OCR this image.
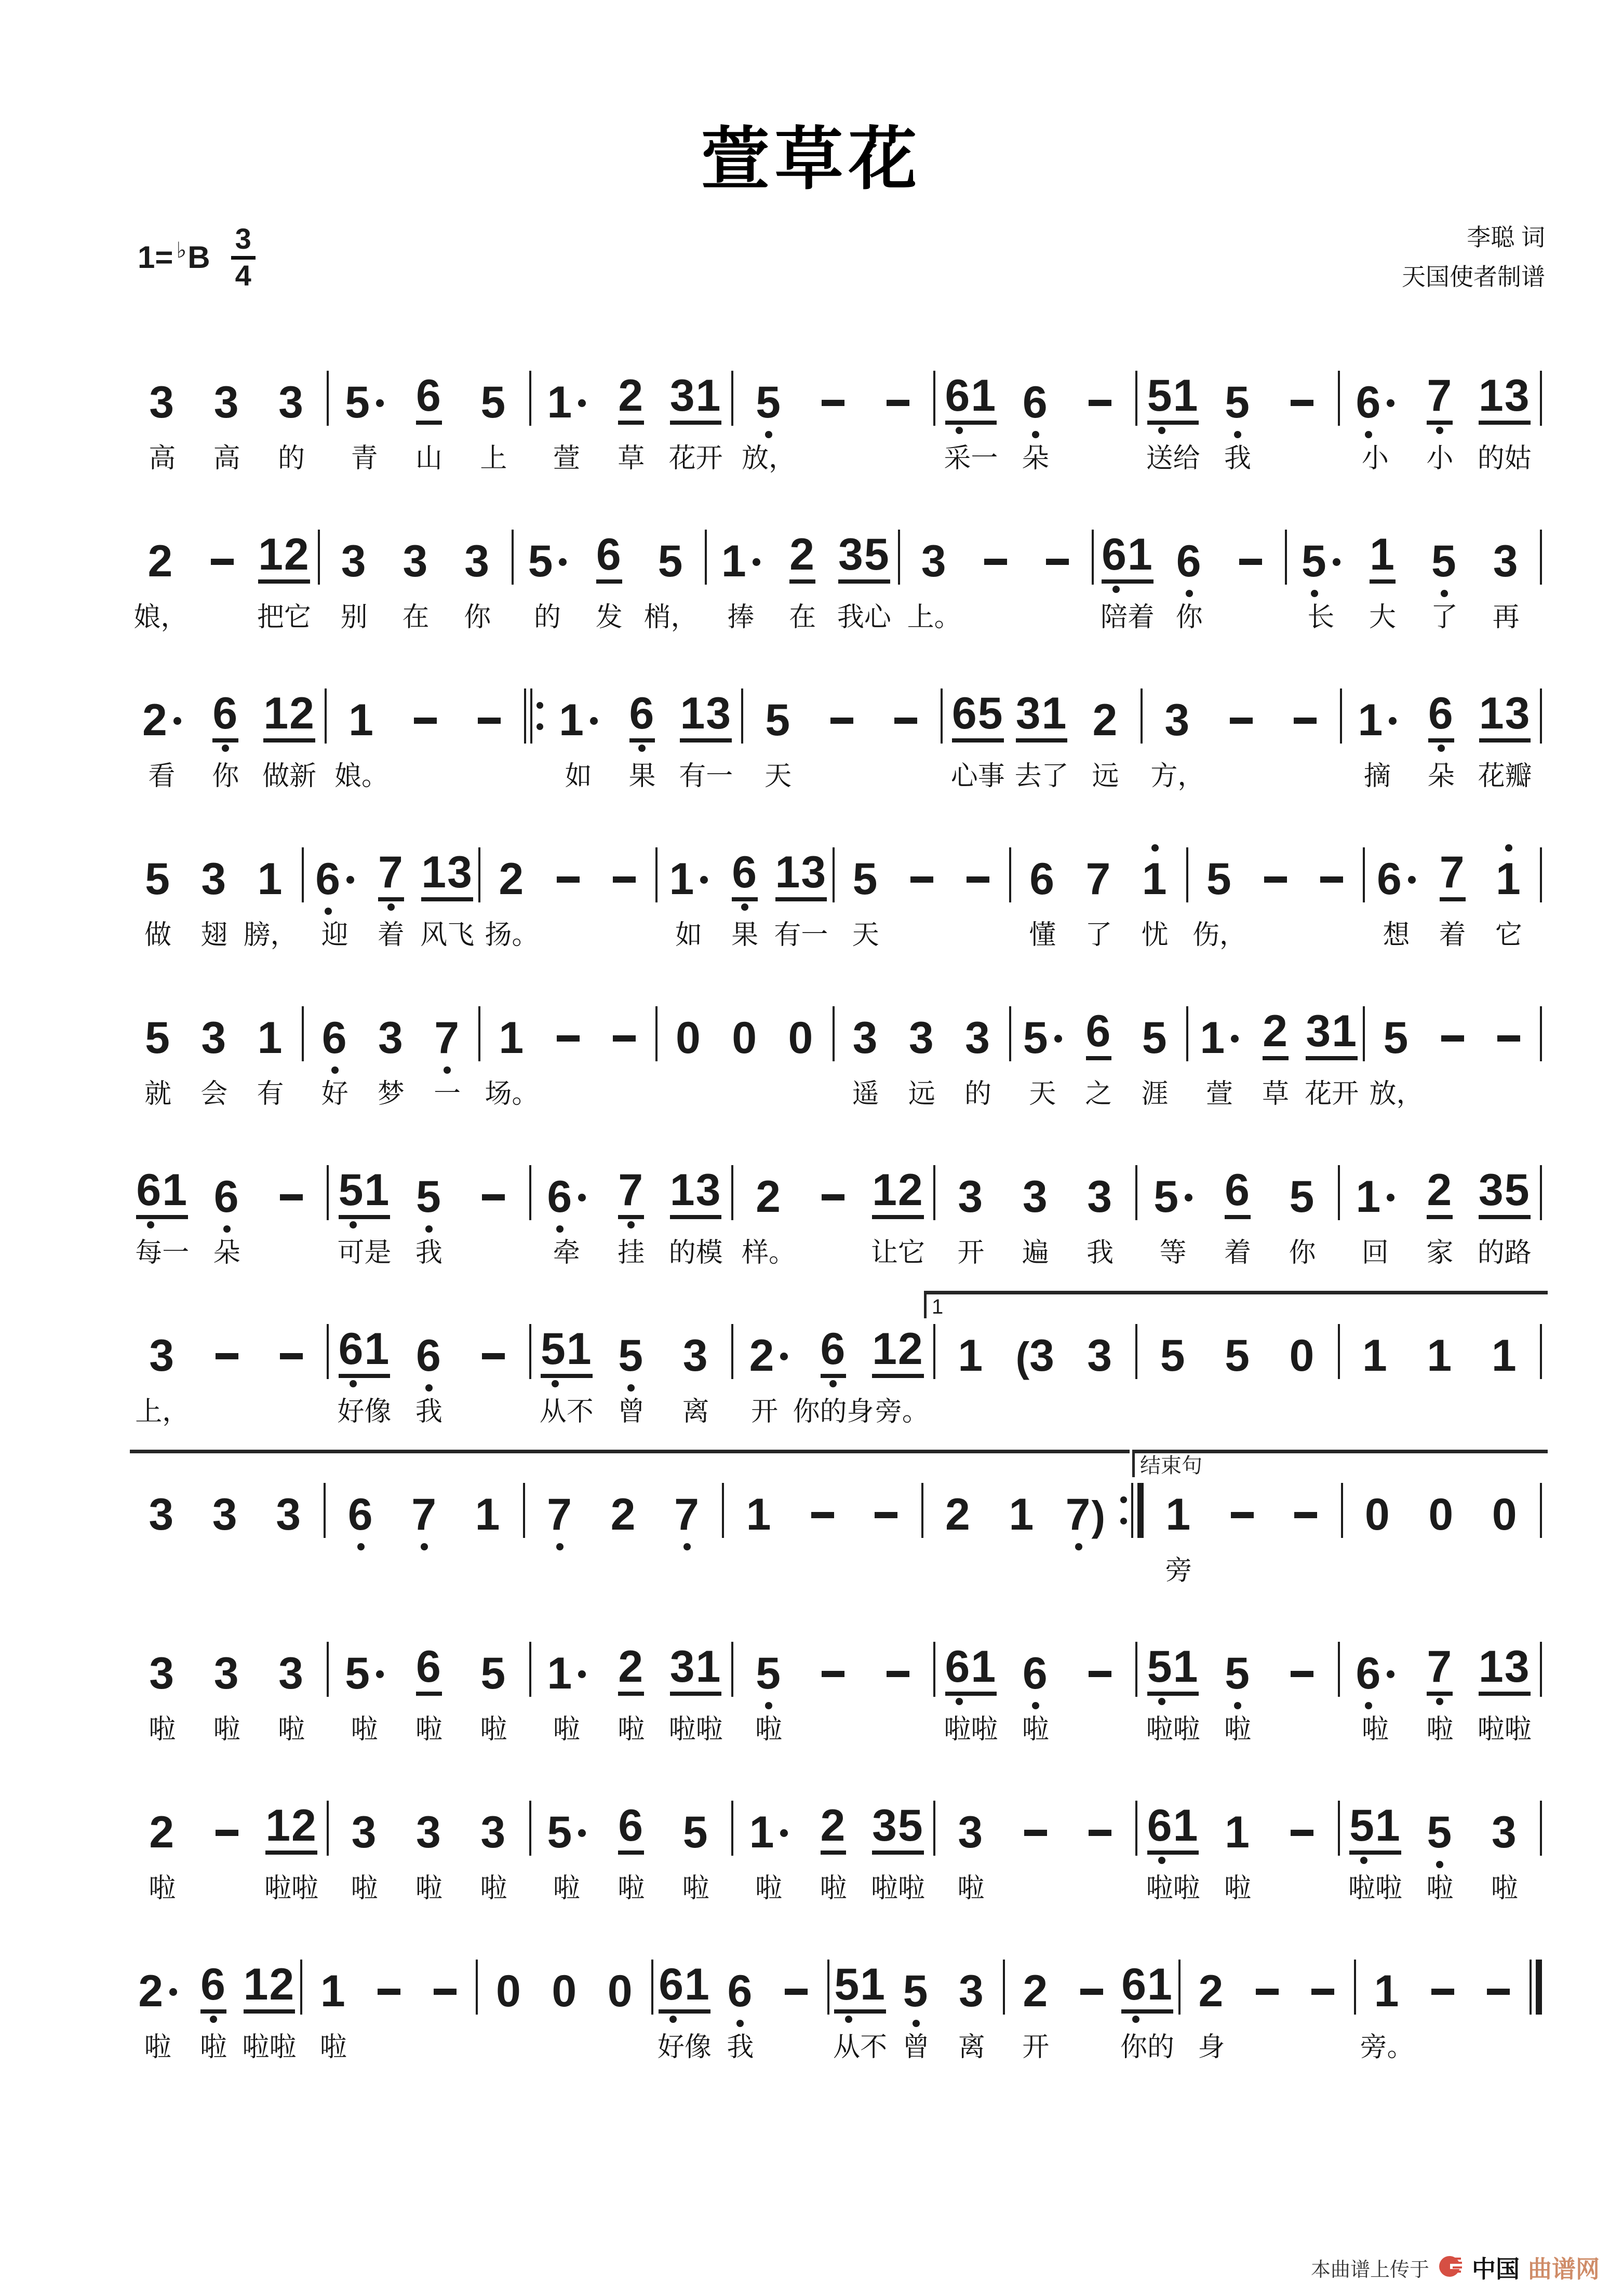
萱草花
1= ♭B
3
4
李聪 词
天国使者制谱
3 3 3
高	高	的
5 6 5
青	山	上
1 2 31
萱	草 花开
5
放，
61 6
采一 朵
51 5
送给 我
6 7 13
小	小 的姑
2 12
娘，	把它
3 3 3
别	在	你
5 6 5
的	发 梢，
1 2 35
捧	在 我心
3
上。
61 6
陪着 你
5 1 5 3
长	大	了	再
2 6 12
看	你 做新
1
娘。
1 6 13
如	果 有一
5
天
65 31 2
心事 去了 远
3
方，
1 6 13
摘	朵 花瓣
5 3 1
做	翅 膀，
6 7 13
迎	着 风飞
2
扬。
1 6 13
如	果 有一
5
天
6 7 1
懂	了	忧
5
伤，
6 7 1
想	着	它
5 3 1
就	会	有
6 3 7
好	梦	一
1
场。
0 0 0 3 3 3
遥	远	的
5 6 5
天	之	涯
1 2 31
萱	草 花开
5
放，
61 6
每一 朵
51 5
可是 我
6 7 13
牵	挂 的模
2 12
样。	让它
3 3 3
开	遍	我
5 6 5
等	着	你
1 2 35
回	家 的路
3
上，
61 6
好像 我
51 5 3
从不 曾	离
2 6 12
开 你的身 旁。
1 ( 3 3 5 5 0 1 1 1
1
3 3 3 6 7 1 7 2 7 1	2 1 7 ) 1
旁
0 0 0
结束句
3 3 3
啦	啦	啦
5 6 5
啦	啦	啦
1 2 31
啦	啦 啦啦
5
啦
61 6
啦啦 啦
51 5
啦啦 啦
6 7 13
啦	啦 啦啦
2 12
啦	啦啦
3 3 3
啦	啦	啦
5 6 5
啦	啦	啦
1 2 35
啦	啦 啦啦
3
啦
61 1
啦啦 啦
51 5 3
啦啦 啦	啦
2 6 12
啦	啦 啦啦
1
啦
0 0 0 61 6
好像 我
51 5 3
从不 曾	离
2 61
开	你的
2
身
1
旁。
本曲谱上传于 中国 曲谱网
